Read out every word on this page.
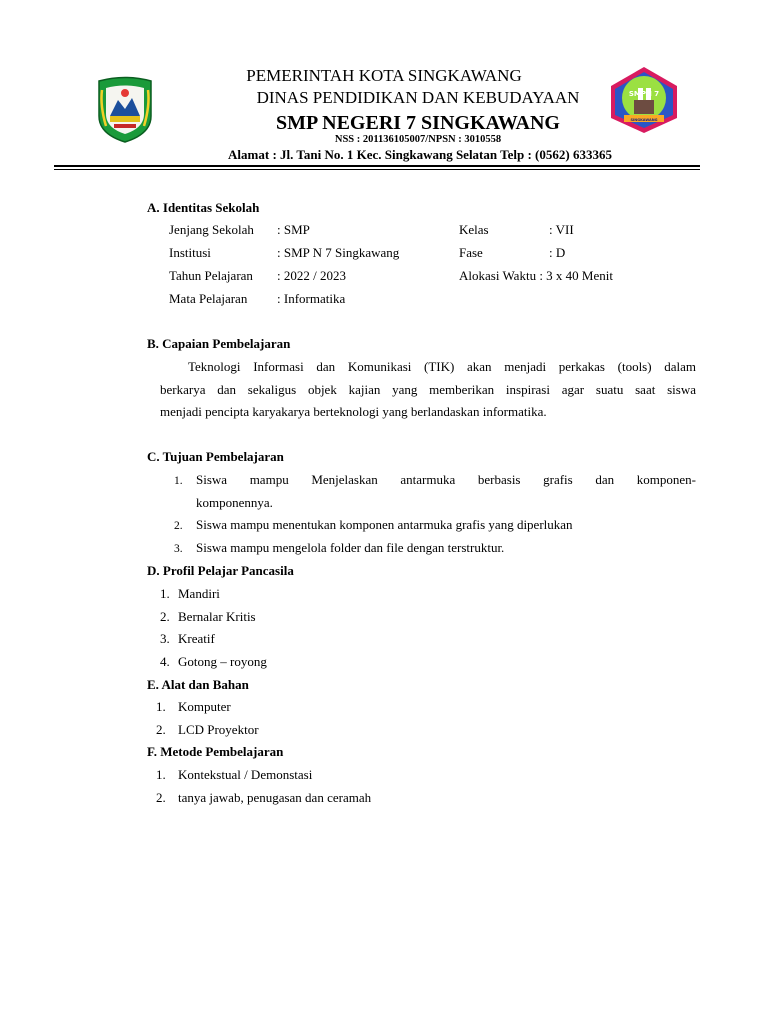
SMPN 7
SINGKAWANG
PEMERINTAH KOTA SINGKAWANG
DINAS PENDIDIKAN DAN KEBUDAYAAN
SMP NEGERI 7 SINGKAWANG
NSS : 201136105007/NPSN : 3010558
Alamat : Jl. Tani No. 1 Kec. Singkawang Selatan Telp : (0562) 633365
A. Identitas Sekolah
Jenjang Sekolah : SMP	Kelas	: VII
Institusi	: SMP N 7 Singkawang	Fase	: D
Tahun Pelajaran : 2022 / 2023	Alokasi Waktu : 3 x 40 Menit
Mata Pelajaran : Informatika
B. Capaian Pembelajaran
Teknologi Informasi dan Komunikasi (TIK) akan menjadi perkakas (tools) dalam
berkarya dan sekaligus objek kajian yang memberikan inspirasi agar suatu saat siswa
menjadi pencipta karyakarya berteknologi yang berlandaskan informatika.
C. Tujuan Pembelajaran
1. Siswa mampu Menjelaskan antarmuka berbasis grafis dan komponen-
komponennya.
2. Siswa mampu menentukan komponen antarmuka grafis yang diperlukan
3. Siswa mampu mengelola folder dan file dengan terstruktur.
D. Profil Pelajar Pancasila
1. Mandiri
2. Bernalar Kritis
3. Kreatif
4. Gotong – royong
E. Alat dan Bahan
1. Komputer
2. LCD Proyektor
F. Metode Pembelajaran
1. Kontekstual / Demonstasi
2. tanya jawab, penugasan dan ceramah
